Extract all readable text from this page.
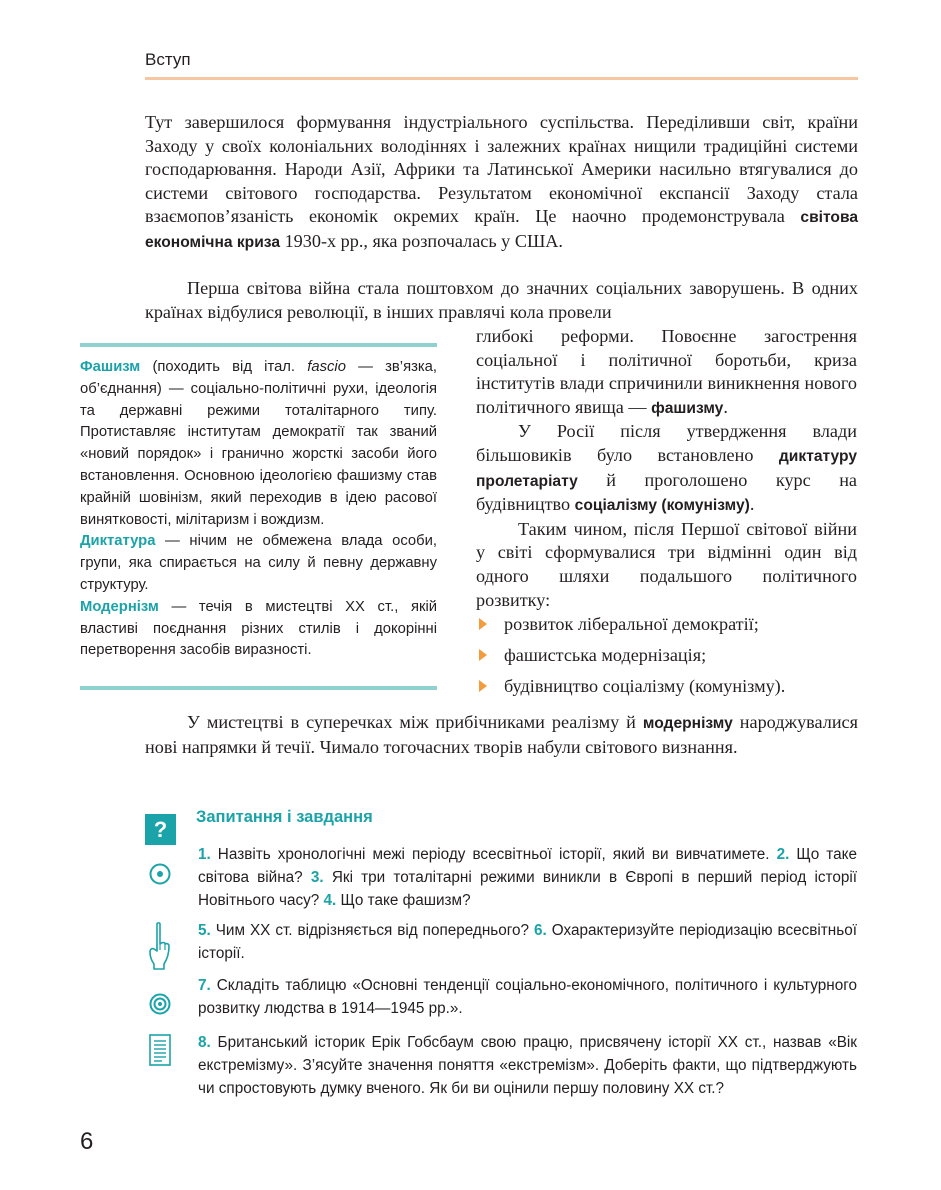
Вступ
Тут завершилося формування індустріального суспільства. Переділивши світ, країни Заходу у своїх колоніальних володіннях і залежних країнах нищили традиційні системи господарювання. Народи Азії, Африки та Латинської Америки насильно втягувалися до системи світового господарства. Результатом економічної експансії Заходу стала взаємопов’язаність економік окремих країн. Це наочно продемонструвала світова економічна криза 1930-х рр., яка розпочалась у США.
Перша світова війна стала поштовхом до значних соціальних заворушень. В одних країнах відбулися революції, в інших правлячі кола провели
глибокі реформи. Повоєнне загострення соціальної і політичної боротьби, криза інститутів влади спричинили виникнення нового політичного явища — фашизму.
У Росії після утвердження влади більшовиків було встановлено диктатуру пролетаріату й проголошено курс на будівництво соціалізму (комунізму).
Таким чином, після Першої світової війни у світі сформувалися три відмінні один від одного шляхи подальшого політичного розвитку:
розвиток ліберальної демократії;
фашистська модернізація;
будівництво соціалізму (комунізму).
Фашизм (походить від італ. fascio — зв’язка, об’єднання) — соціально-політичні рухи, ідеологія та державні режими тоталітарного типу. Протиставляє інститутам демократії так званий «новий порядок» і гранично жорсткі засоби його встановлення. Основною ідеологією фашизму став крайній шовінізм, який переходив в ідею расової винятковості, мілітаризм і вождизм.
Диктатура — нічим не обмежена влада особи, групи, яка спирається на силу й певну державну структуру.
Модернізм — течія в мистецтві XX ст., якій властиві поєднання різних стилів і докорінні перетворення засобів виразності.
У мистецтві в суперечках між прибічниками реалізму й модернізму народжувалися нові напрямки й течії. Чимало тогочасних творів набули світового визнання.
?	Запитання і завдання
1. Назвіть хронологічні межі періоду всесвітньої історії, який ви вивчатимете. 2. Що таке світова війна? 3. Які три тоталітарні режими виникли в Європі в перший період історії Новітнього часу? 4. Що таке фашизм?
5. Чим XX ст. відрізняється від попереднього? 6. Охарактеризуйте періодизацію всесвітньої історії.
7. Складіть таблицю «Основні тенденції соціально-економічного, політичного і культурного розвитку людства в 1914—1945 рр.».
8. Британський історик Ерік Гобсбаум свою працю, присвячену історії XX ст., назвав «Вік екстремізму». З’ясуйте значення поняття «екстремізм». Доберіть факти, що підтверджують чи спростовують думку вченого. Як би ви оцінили першу половину XX ст.?
6
